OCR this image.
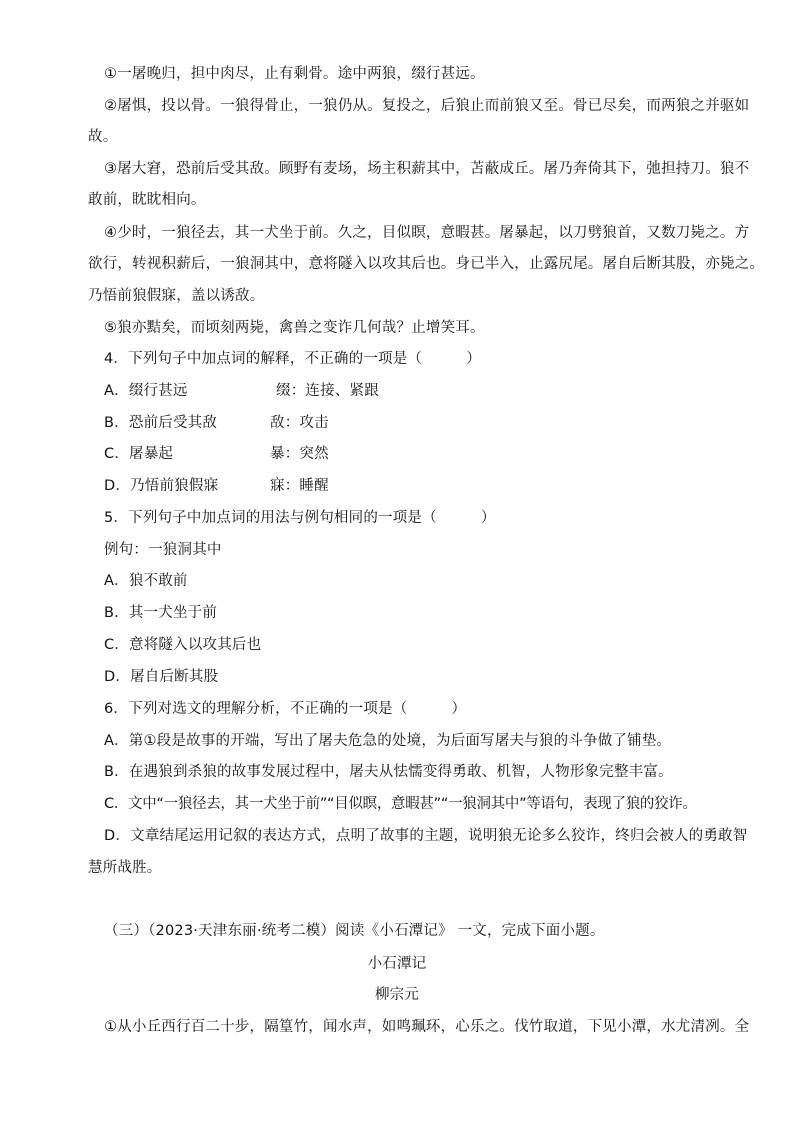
①一屠晚归，担中肉尽，止有剩骨。途中两狼，缀行甚远。
②屠惧，投以骨。一狼得骨止，一狼仍从。复投之，后狼止而前狼又至。骨已尽矣，而两狼之并驱如
故。
③屠大窘，恐前后受其敌。顾野有麦场，场主积薪其中，苫蔽成丘。屠乃奔倚其下，弛担持刀。狼不
敢前，眈眈相向。
④少时，一狼径去，其一犬坐于前。久之，目似瞑，意暇甚。屠暴起，以刀劈狼首，又数刀毙之。方
欲行，转视积薪后，一狼洞其中，意将隧入以攻其后也。身已半入，止露尻尾。屠自后断其股，亦毙之。
乃悟前狼假寐，盖以诱敌。
⑤狼亦黠矣，而顷刻两毙，禽兽之变诈几何哉？止增笑耳。
4．下列句子中加点词的解释，不正确的一项是（　　　）
A．缀行甚远	缀：连接、紧跟
B．恐前后受其敌	敌：攻击
C．屠暴起	暴：突然
D．乃悟前狼假寐	寐：睡醒
5．下列句子中加点词的用法与例句相同的一项是（　　　）
例句：一狼洞其中
A．狼不敢前
B．其一犬坐于前
C．意将隧入以攻其后也
D．屠自后断其股
6．下列对选文的理解分析，不正确的一项是（　　　）
A．第①段是故事的开端，写出了屠夫危急的处境，为后面写屠夫与狼的斗争做了铺垫。
B．在遇狼到杀狼的故事发展过程中，屠夫从怯懦变得勇敢、机智，人物形象完整丰富。
C．文中“一狼径去，其一犬坐于前”“目似瞑，意暇甚”“一狼洞其中”等语句，表现了狼的狡诈。
D．文章结尾运用记叙的表达方式，点明了故事的主题，说明狼无论多么狡诈，终归会被人的勇敢智
慧所战胜。
（三）（2023·天津东丽·统考二模）阅读《小石潭记》 一文，完成下面小题。
小石潭记
柳宗元
①从小丘西行百二十步，隔篁竹，闻水声，如鸣珮环，心乐之。伐竹取道，下见小潭，水尤清冽。全
